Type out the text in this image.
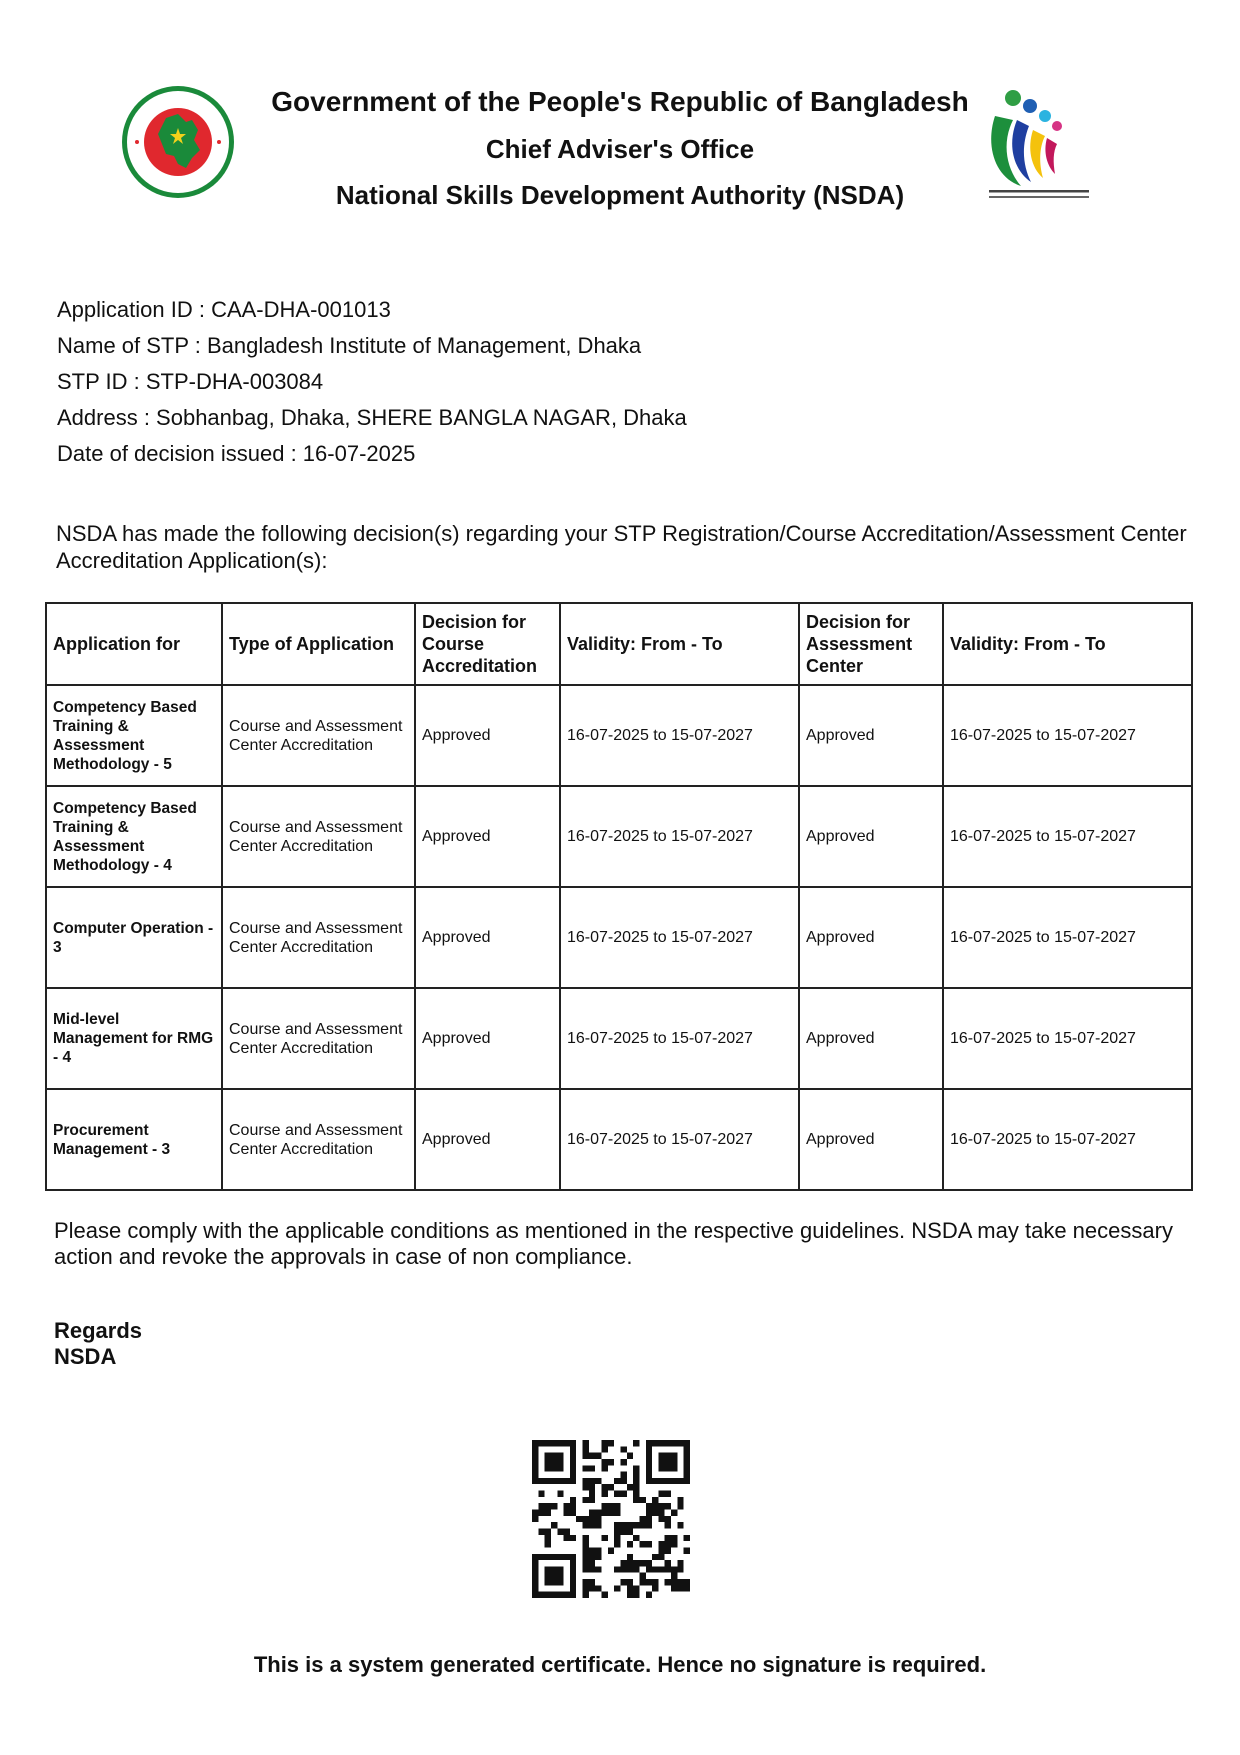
Government of the People's Republic of Bangladesh
Chief Adviser's Office
National Skills Development Authority (NSDA)
Application ID : CAA-DHA-001013
Name of STP : Bangladesh Institute of Management, Dhaka
STP ID : STP-DHA-003084
Address : Sobhanbag, Dhaka, SHERE BANGLA NAGAR, Dhaka
Date of decision issued : 16-07-2025
NSDA has made the following decision(s) regarding your STP Registration/Course Accreditation/Assessment Center Accreditation Application(s):
Application for	Type of Application	Decision for Course Accreditation	Validity: From - To	Decision for Assessment Center	Validity: From - To
Competency Based Training & Assessment Methodology - 5	Course and Assessment Center Accreditation	Approved	16-07-2025 to 15-07-2027	Approved	16-07-2025 to 15-07-2027
Competency Based Training & Assessment Methodology - 4	Course and Assessment Center Accreditation	Approved	16-07-2025 to 15-07-2027	Approved	16-07-2025 to 15-07-2027
Computer Operation - 3	Course and Assessment Center Accreditation	Approved	16-07-2025 to 15-07-2027	Approved	16-07-2025 to 15-07-2027
Mid-level Management for RMG - 4	Course and Assessment Center Accreditation	Approved	16-07-2025 to 15-07-2027	Approved	16-07-2025 to 15-07-2027
Procurement Management - 3	Course and Assessment Center Accreditation	Approved	16-07-2025 to 15-07-2027	Approved	16-07-2025 to 15-07-2027
Please comply with the applicable conditions as mentioned in the respective guidelines. NSDA may take necessary action and revoke the approvals in case of non compliance.
Regards
NSDA
This is a system generated certificate. Hence no signature is required.
